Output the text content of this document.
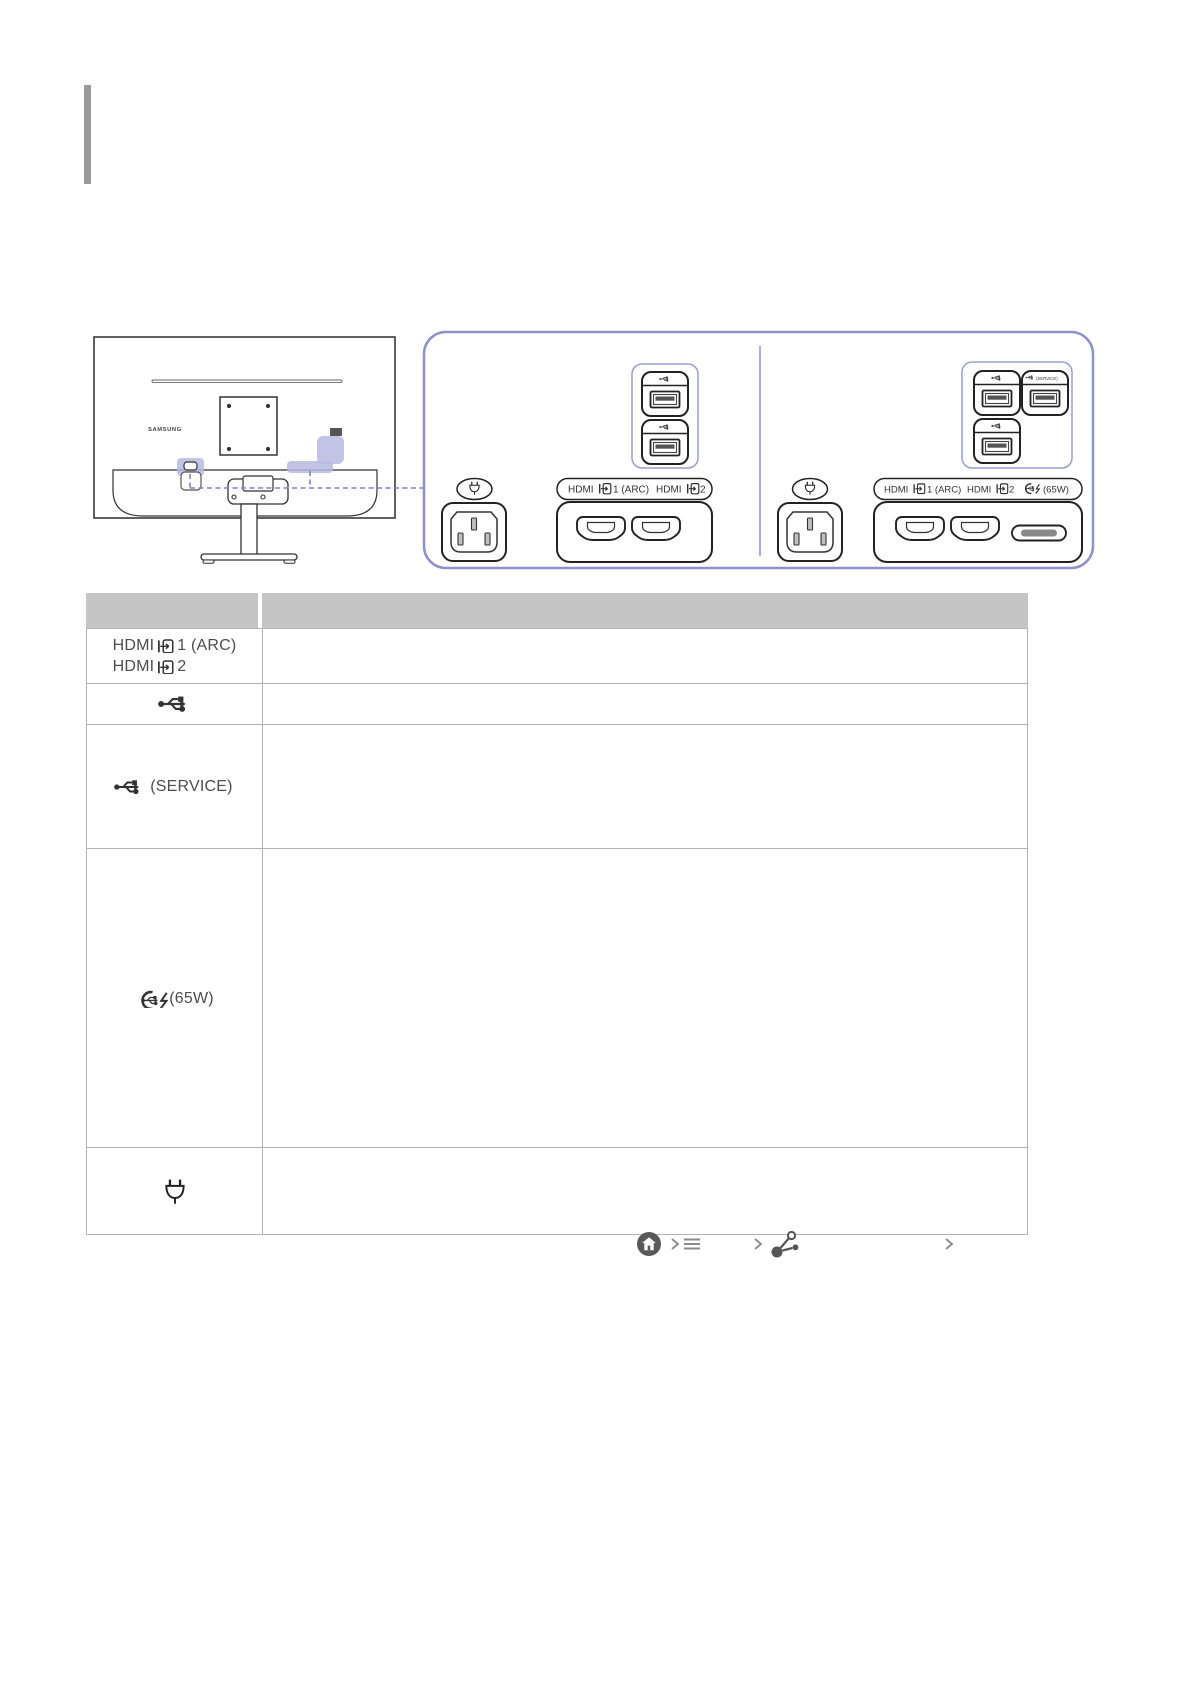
SAMSUNG
HDMI 1 (ARC) HDMI 2
(SERVICE)
HDMI 1 (ARC) HDMI 2	(65W)
HDMI 1 (ARC)
HDMI 2
(SERVICE)
(65W)
